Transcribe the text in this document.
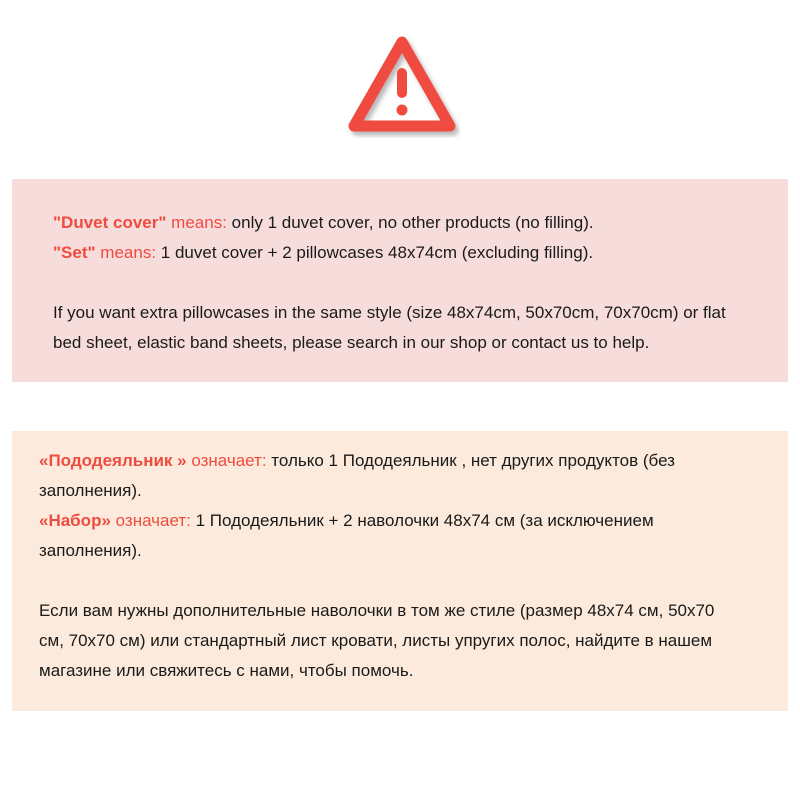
"Duvet cover" means: only 1 duvet cover, no other products (no filling).
"Set" means: 1 duvet cover + 2 pillowcases 48x74cm (excluding filling).
If you want extra pillowcases in the same style (size 48x74cm, 50x70cm, 70x70cm) or flat
bed sheet, elastic band sheets, please search in our shop or contact us to help.
«Пододеяльник » означает: только 1 Пододеяльник , нет других продуктов (без
заполнения).
«Набор» означает: 1 Пододеяльник + 2 наволочки 48x74 см (за исключением
заполнения).
Если вам нужны дополнительные наволочки в том же стиле (размер 48x74 см, 50x70
см, 70x70 см) или стандартный лист кровати, листы упругих полос, найдите в нашем
магазине или свяжитесь с нами, чтобы помочь.
